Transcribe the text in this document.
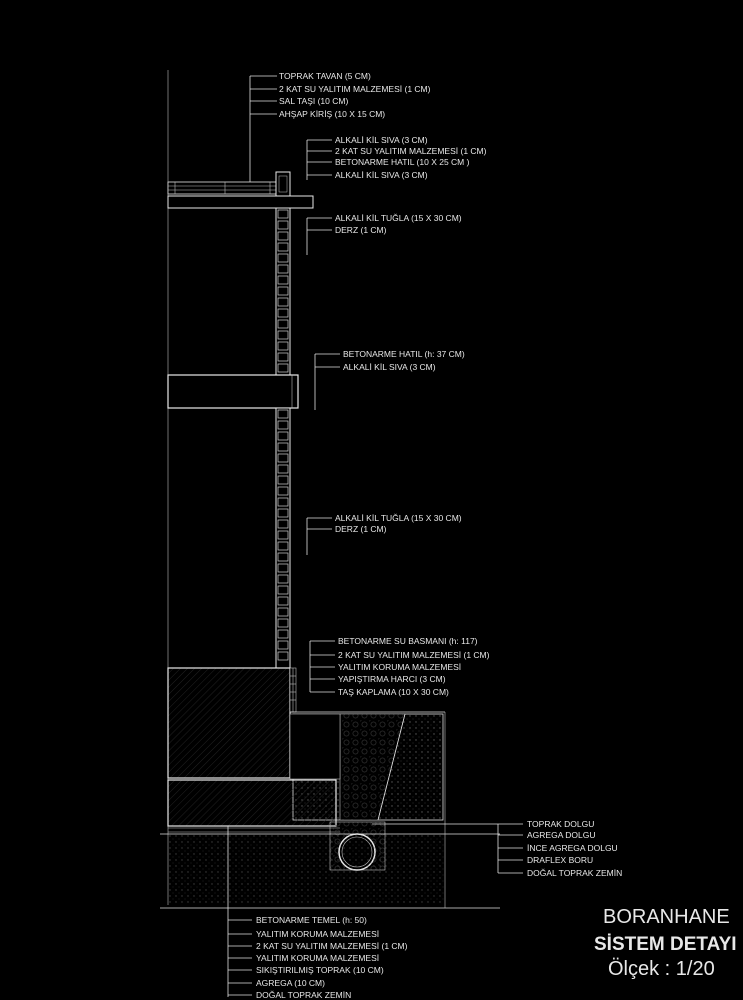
TOPRAK TAVAN (5 CM)
2 KAT SU YALITIM MALZEMESİ (1 CM)
SAL TAŞI (10 CM)
AHŞAP KİRİŞ (10 X 15 CM)
ALKALİ KİL SIVA (3 CM)
2 KAT SU YALITIM MALZEMESİ (1 CM)
BETONARME HATIL (10 X 25 CM )
ALKALİ KİL SIVA (3 CM)
ALKALİ KİL TUĞLA (15 X 30 CM)
DERZ (1 CM)
BETONARME HATIL (h: 37 CM)
ALKALİ KİL SIVA (3 CM)
ALKALİ KİL TUĞLA (15 X 30 CM)
DERZ (1 CM)
BETONARME SU BASMANI (h: 117)
2 KAT SU YALITIM MALZEMESİ (1 CM)
YALITIM KORUMA MALZEMESİ
YAPIŞTIRMA HARCI (3 CM)
TAŞ KAPLAMA (10 X 30 CM)
TOPRAK DOLGU
AGREGA DOLGU
İNCE AGREGA DOLGU
DRAFLEX BORU
DOĞAL TOPRAK ZEMİN
BETONARME TEMEL (h: 50)
YALITIM KORUMA MALZEMESİ
2 KAT SU YALITIM MALZEMESİ (1 CM)
YALITIM KORUMA MALZEMESİ
SIKIŞTIRILMIŞ TOPRAK (10 CM)
AGREGA (10 CM)
DOĞAL TOPRAK ZEMİN
BORANHANE
SİSTEM DETAYI
Ölçek : 1/20
